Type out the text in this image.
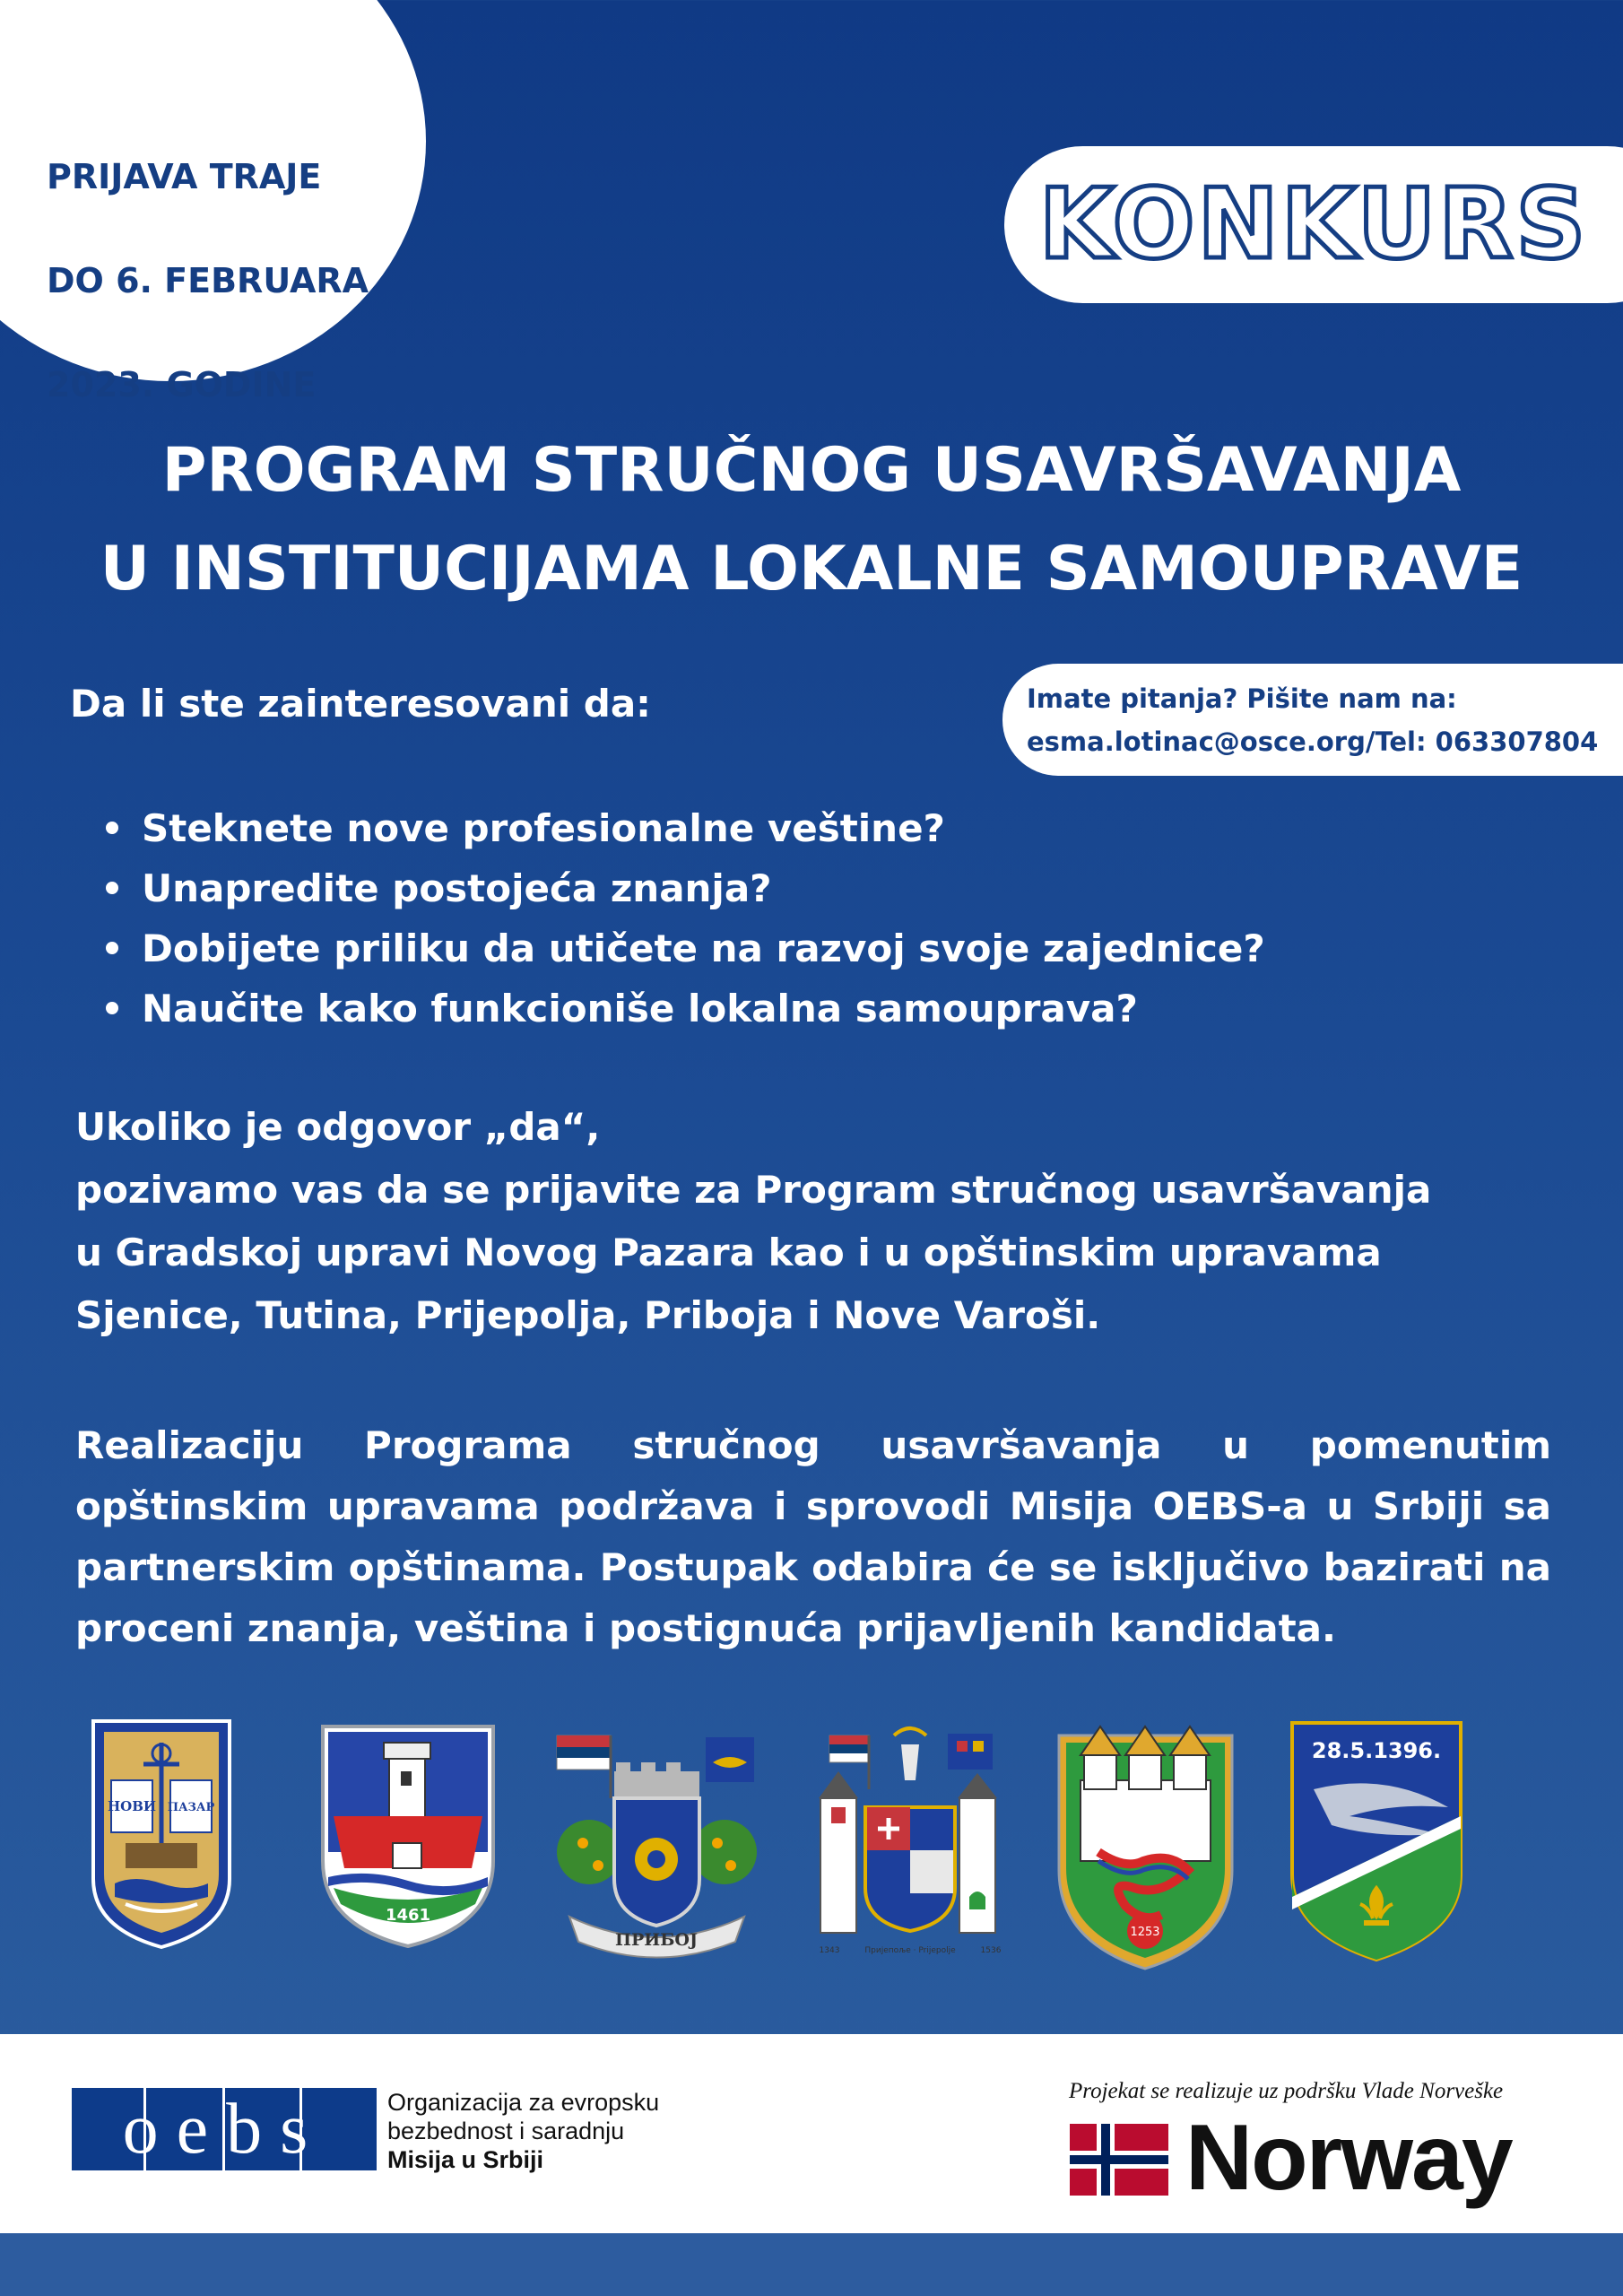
PRIJAVA TRAJE

DO 6. FEBRUARA

2023. GODINE

KONKURS
PROGRAM STRUČNOG USAVRŠAVANJA
U INSTITUCIJAMA LOKALNE SAMOUPRAVE
Imate pitanja? Pišite nam na:
esma.lotinac@osce.org/Tel: 063307804
Da li ste zainteresovani da:
Steknete nove profesionalne veštine?
Unapredite postojeća znanja?
Dobijete priliku da utičete na razvoj svoje zajednice?
Naučite kako funkcioniše lokalna samouprava?
Ukoliko je odgovor „da“,
pozivamo vas da se prijavite za Program stručnog usavršavanja
u Gradskoj upravi Novog Pazara kao i u opštinskim upravama
Sjenice, Tutina, Prijepolja, Priboja i Nove Varoši.
Realizaciju Programa stručnog usavršavanja u pomenutim opštinskim upravama podržava i sprovodi Misija OEBS-a u Srbiji sa partnerskim opštinama. Postupak odabira će se isključivo bazirati na proceni znanja, veština i postignuća prijavljenih kandidata.
НОВИ ПАЗАР
1461
ПРИБОЈ
1343	Пријепоље · Prijepolje	1536
1253
28.5.1396.
oebs	Organizacija za evropsku
bezbednost i saradnju
Misija u Srbiji
Projekat se realizuje uz podršku Vlade Norveške
Norway
